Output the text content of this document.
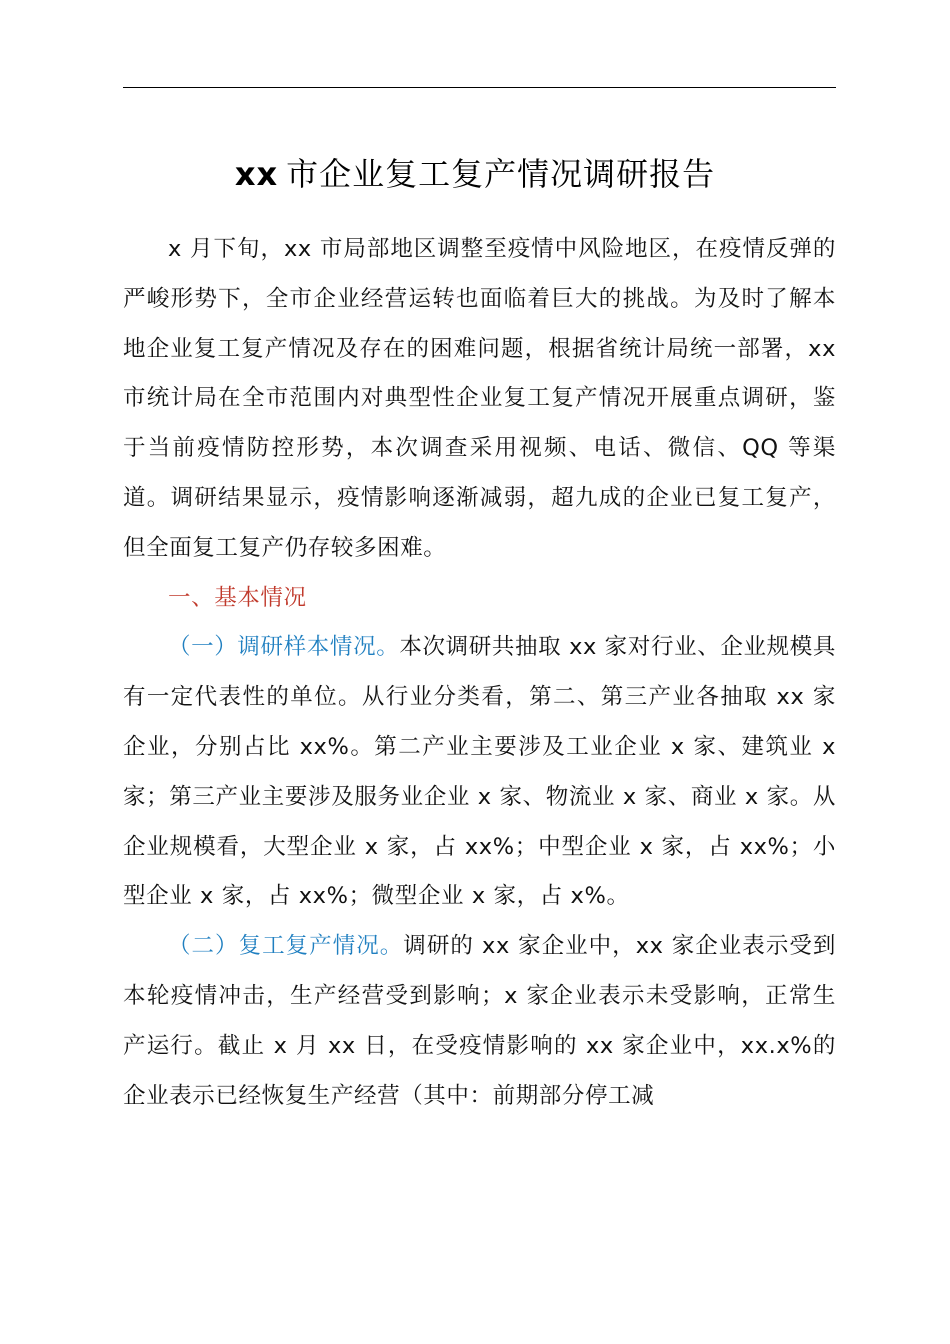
xx 市企业复工复产情况调研报告

x 月下旬，xx 市局部地区调整至疫情中风险地区，在疫情反弹的严峻形势下，全市企业经营运转也面临着巨大的挑战。为及时了解本地企业复工复产情况及存在的困难问题，根据省统计局统一部署，xx 市统计局在全市范围内对典型性企业复工复产情况开展重点调研，鉴于当前疫情防控形势，本次调查采用视频、电话、微信、QQ 等渠道。调研结果显示，疫情影响逐渐减弱，超九成的企业已复工复产，但全面复工复产仍存较多困难。

一、基本情况

（一）调研样本情况。本次调研共抽取 xx 家对行业、企业规模具有一定代表性的单位。从行业分类看，第二、第三产业各抽取 xx 家企业，分别占比 xx%。第二产业主要涉及工业企业 x 家、建筑业 x 家；第三产业主要涉及服务业企业 x 家、物流业 x 家、商业 x 家。从企业规模看，大型企业 x 家，占 xx%；中型企业 x 家，占 xx%；小型企业 x 家，占 xx%；微型企业 x 家，占 x%。

（二）复工复产情况。调研的 xx 家企业中，xx 家企业表示受到本轮疫情冲击，生产经营受到影响；x 家企业表示未受影响，正常生产运行。截止 x 月 xx 日，在受疫情影响的 xx 家企业中，xx.x%的企业表示已经恢复生产经营（其中：前期部分停工减
